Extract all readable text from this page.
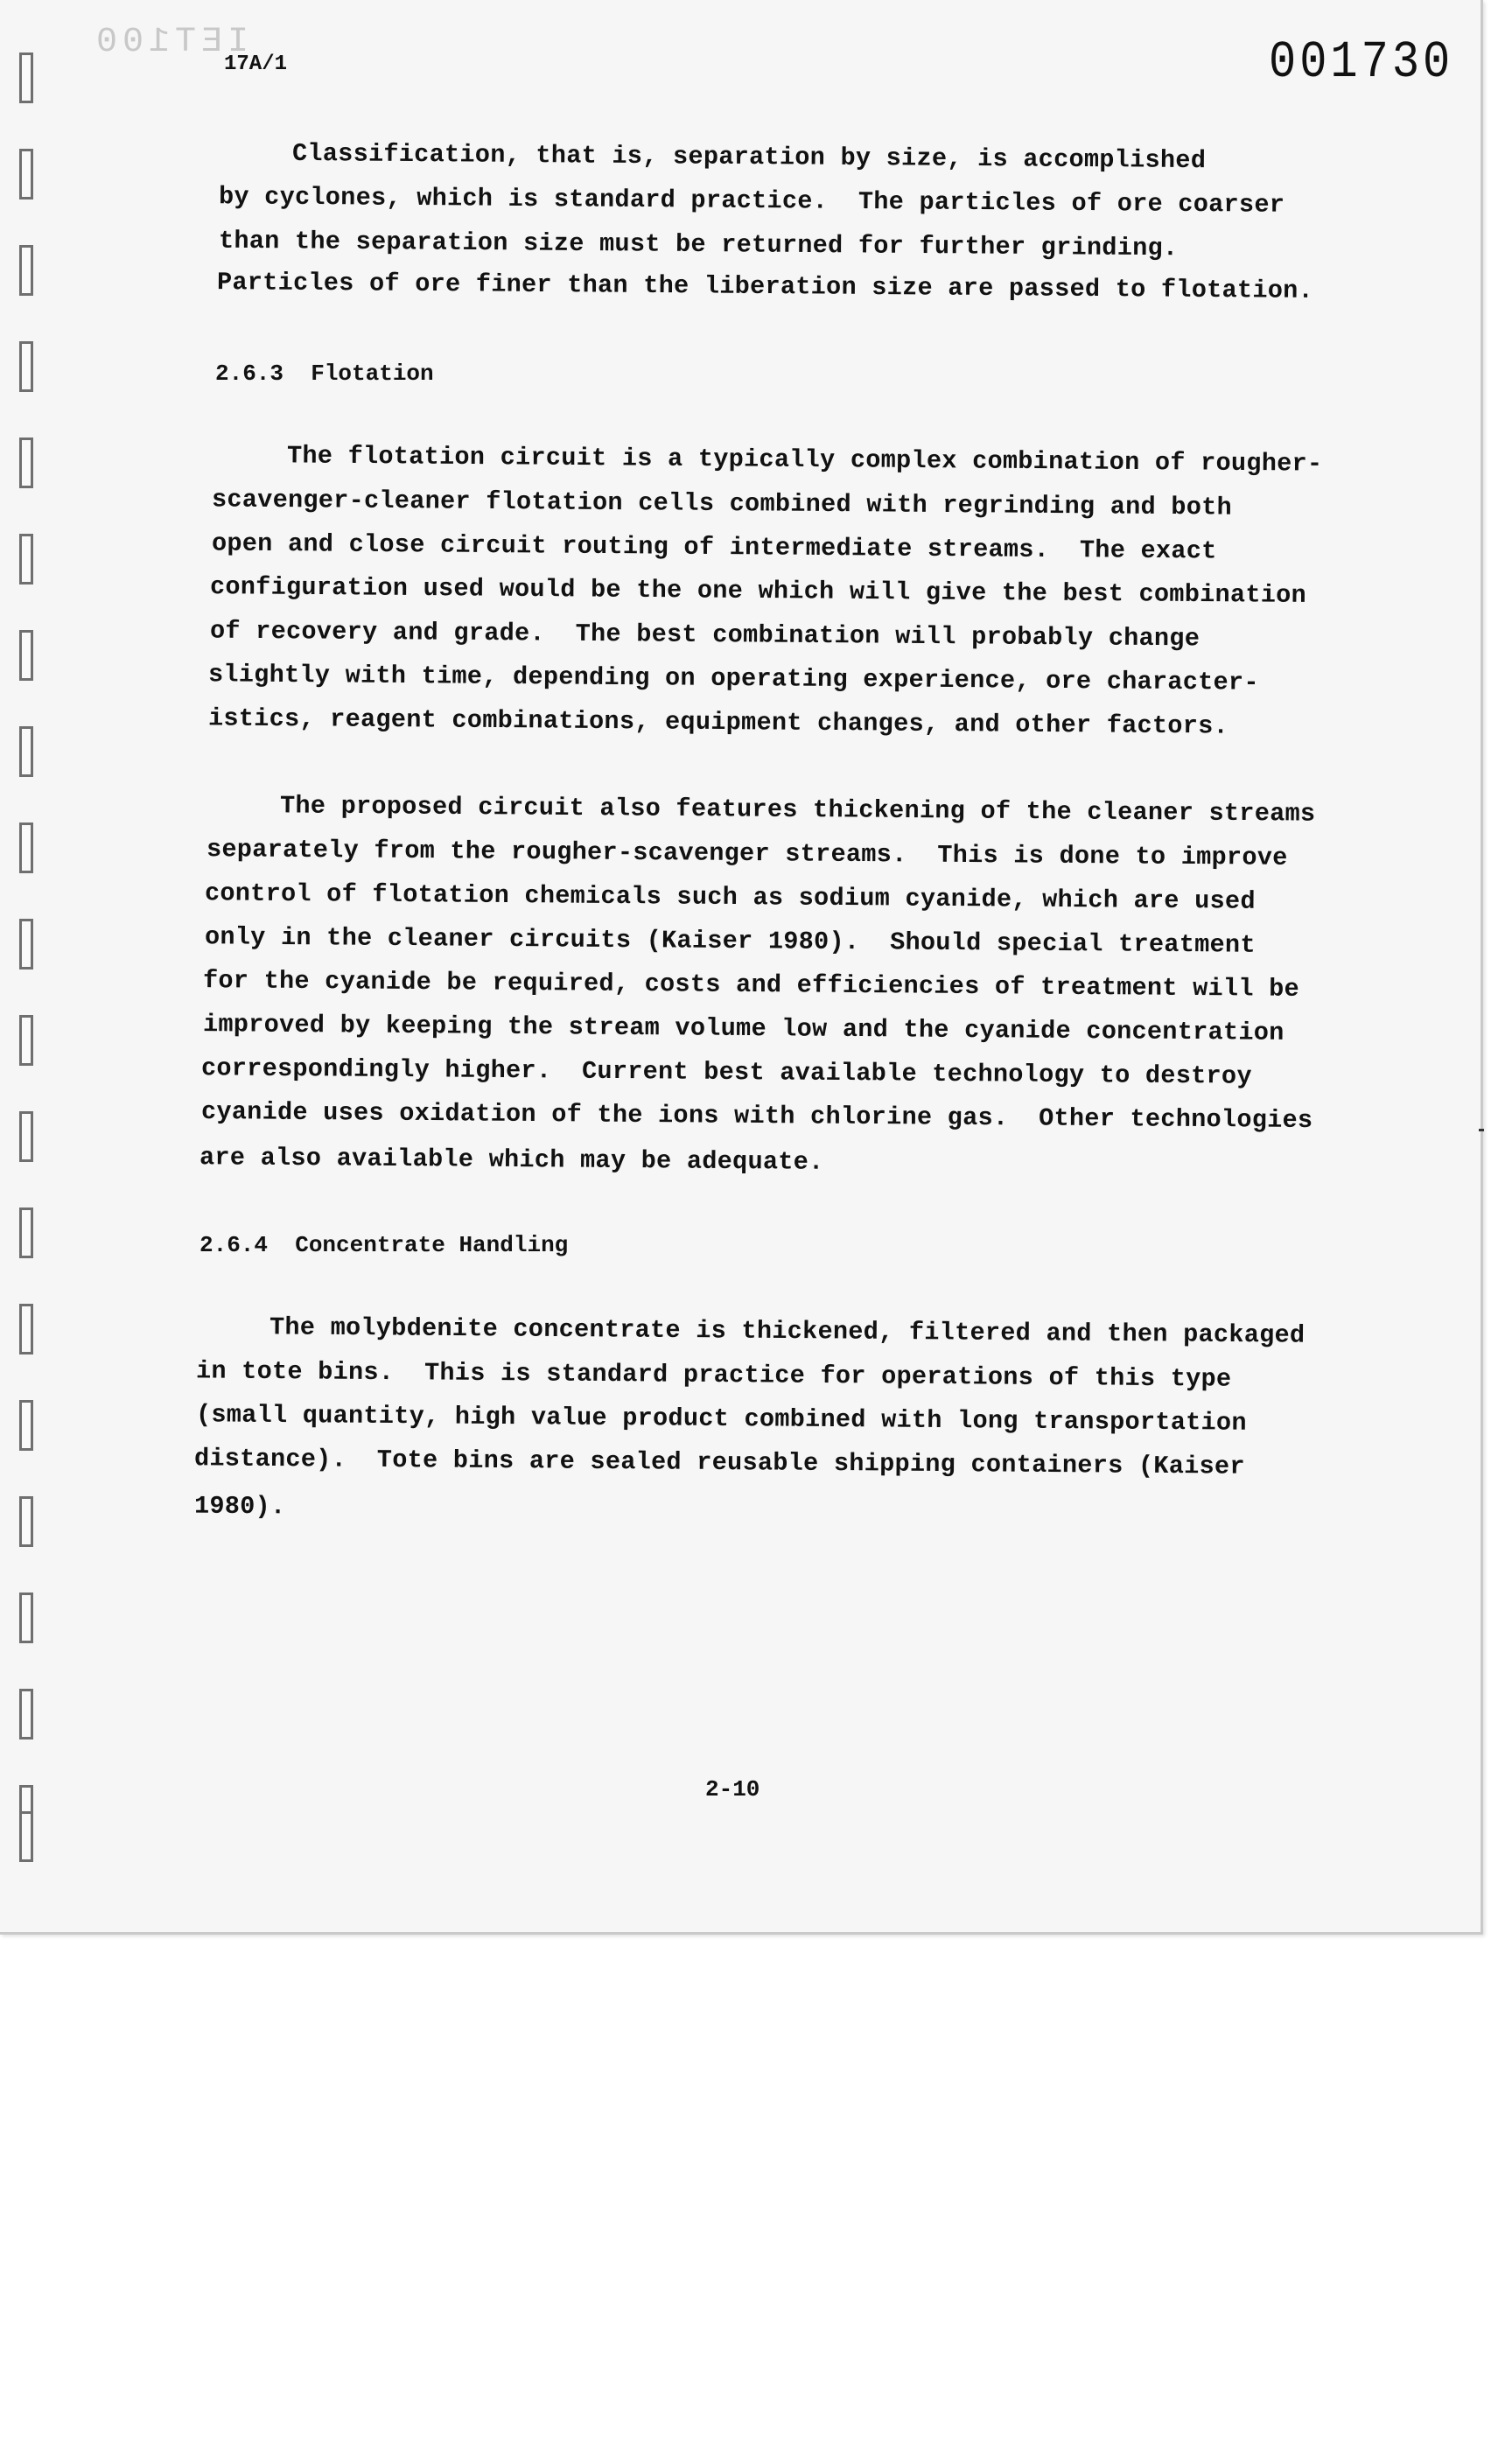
IET100
17A/1	001730
Classification, that is, separation by size, is accomplished
by cyclones, which is standard practice.  The particles of ore coarser
than the separation size must be returned for further grinding.
Particles of ore finer than the liberation size are passed to flotation.
2.6.3  Flotation
The flotation circuit is a typically complex combination of rougher-
scavenger-cleaner flotation cells combined with regrinding and both
open and close circuit routing of intermediate streams.  The exact
configuration used would be the one which will give the best combination
of recovery and grade.  The best combination will probably change
slightly with time, depending on operating experience, ore character-
istics, reagent combinations, equipment changes, and other factors.
The proposed circuit also features thickening of the cleaner streams
separately from the rougher-scavenger streams.  This is done to improve
control of flotation chemicals such as sodium cyanide, which are used
only in the cleaner circuits (Kaiser 1980).  Should special treatment
for the cyanide be required, costs and efficiencies of treatment will be
improved by keeping the stream volume low and the cyanide concentration
correspondingly higher.  Current best available technology to destroy
cyanide uses oxidation of the ions with chlorine gas.  Other technologies
are also available which may be adequate.
2.6.4  Concentrate Handling
The molybdenite concentrate is thickened, filtered and then packaged
in tote bins.  This is standard practice for operations of this type
(small quantity, high value product combined with long transportation
distance).  Tote bins are sealed reusable shipping containers (Kaiser
1980).
2-10
